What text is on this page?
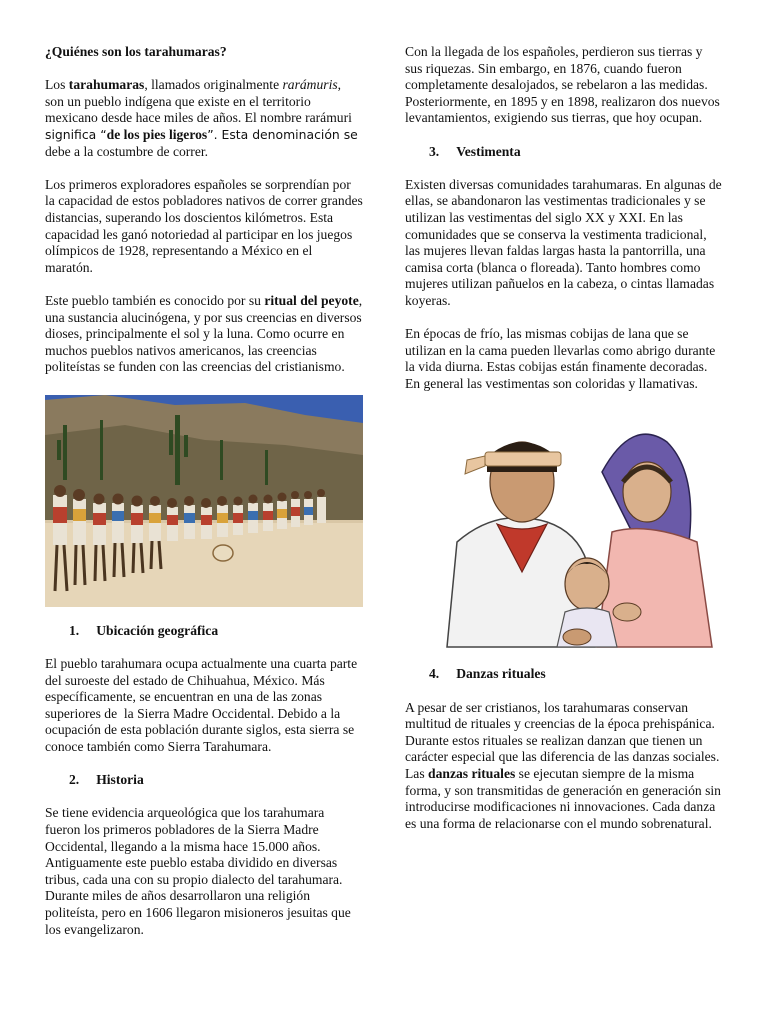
¿Quiénes son los tarahumaras?

Los tarahumaras, llamados originalmente rarámuris, son un pueblo indígena que existe en el territorio mexicano desde hace miles de años. El nombre rarámuri significa “de los pies ligeros”. Esta denominación se debe a la costumbre de correr.

Los primeros exploradores españoles se sorprendían por la capacidad de estos pobladores nativos de correr grandes distancias, superando los doscientos kilómetros. Esta capacidad les ganó notoriedad al participar en los juegos olímpicos de 1928, representando a México en el maratón.

Este pueblo también es conocido por su ritual del peyote, una sustancia alucinógena, y por sus creencias en diversos dioses, principalmente el sol y la luna. Como ocurre en muchos pueblos nativos americanos, las creencias politeístas se funden con las creencias del cristianismo.

1.     Ubicación geográfica

El pueblo tarahumara ocupa actualmente una cuarta parte del suroeste del estado de Chihuahua, México. Más específicamente, se encuentran en una de las zonas superiores de  la Sierra Madre Occidental. Debido a la ocupación de esta población durante siglos, esta sierra se conoce también como Sierra Tarahumara.

2.     Historia

Se tiene evidencia arqueológica que los tarahumara fueron los primeros pobladores de la Sierra Madre Occidental, llegando a la misma hace 15.000 años. Antiguamente este pueblo estaba dividido en diversas tribus, cada una con su propio dialecto del tarahumara. Durante miles de años desarrollaron una religión politeísta, pero en 1606 llegaron misioneros jesuitas que los evangelizaron.

Con la llegada de los españoles, perdieron sus tierras y sus riquezas. Sin embargo, en 1876, cuando fueron completamente desalojados, se rebelaron a las medidas. Posteriormente, en 1895 y en 1898, realizaron dos nuevos levantamientos, exigiendo sus tierras, que hoy ocupan.

3.     Vestimenta

Existen diversas comunidades tarahumaras. En algunas de ellas, se abandonaron las vestimentas tradicionales y se utilizan las vestimentas del siglo XX y XXI. En las comunidades que se conserva la vestimenta tradicional, las mujeres llevan faldas largas hasta la pantorrilla, una camisa corta (blanca o floreada). Tanto hombres como mujeres utilizan pañuelos en la cabeza, o cintas llamadas koyeras.

En épocas de frío, las mismas cobijas de lana que se utilizan en la cama pueden llevarlas como abrigo durante la vida diurna. Estas cobijas están finamente decoradas. En general las vestimentas son coloridas y llamativas.

4.     Danzas rituales

A pesar de ser cristianos, los tarahumaras conservan multitud de rituales y creencias de la época prehispánica. Durante estos rituales se realizan danzan que tienen un carácter especial que las diferencia de las danzas sociales. Las danzas rituales se ejecutan siempre de la misma forma, y son transmitidas de generación en generación sin introducirse modificaciones ni innovaciones. Cada danza es una forma de relacionarse con el mundo sobrenatural.
